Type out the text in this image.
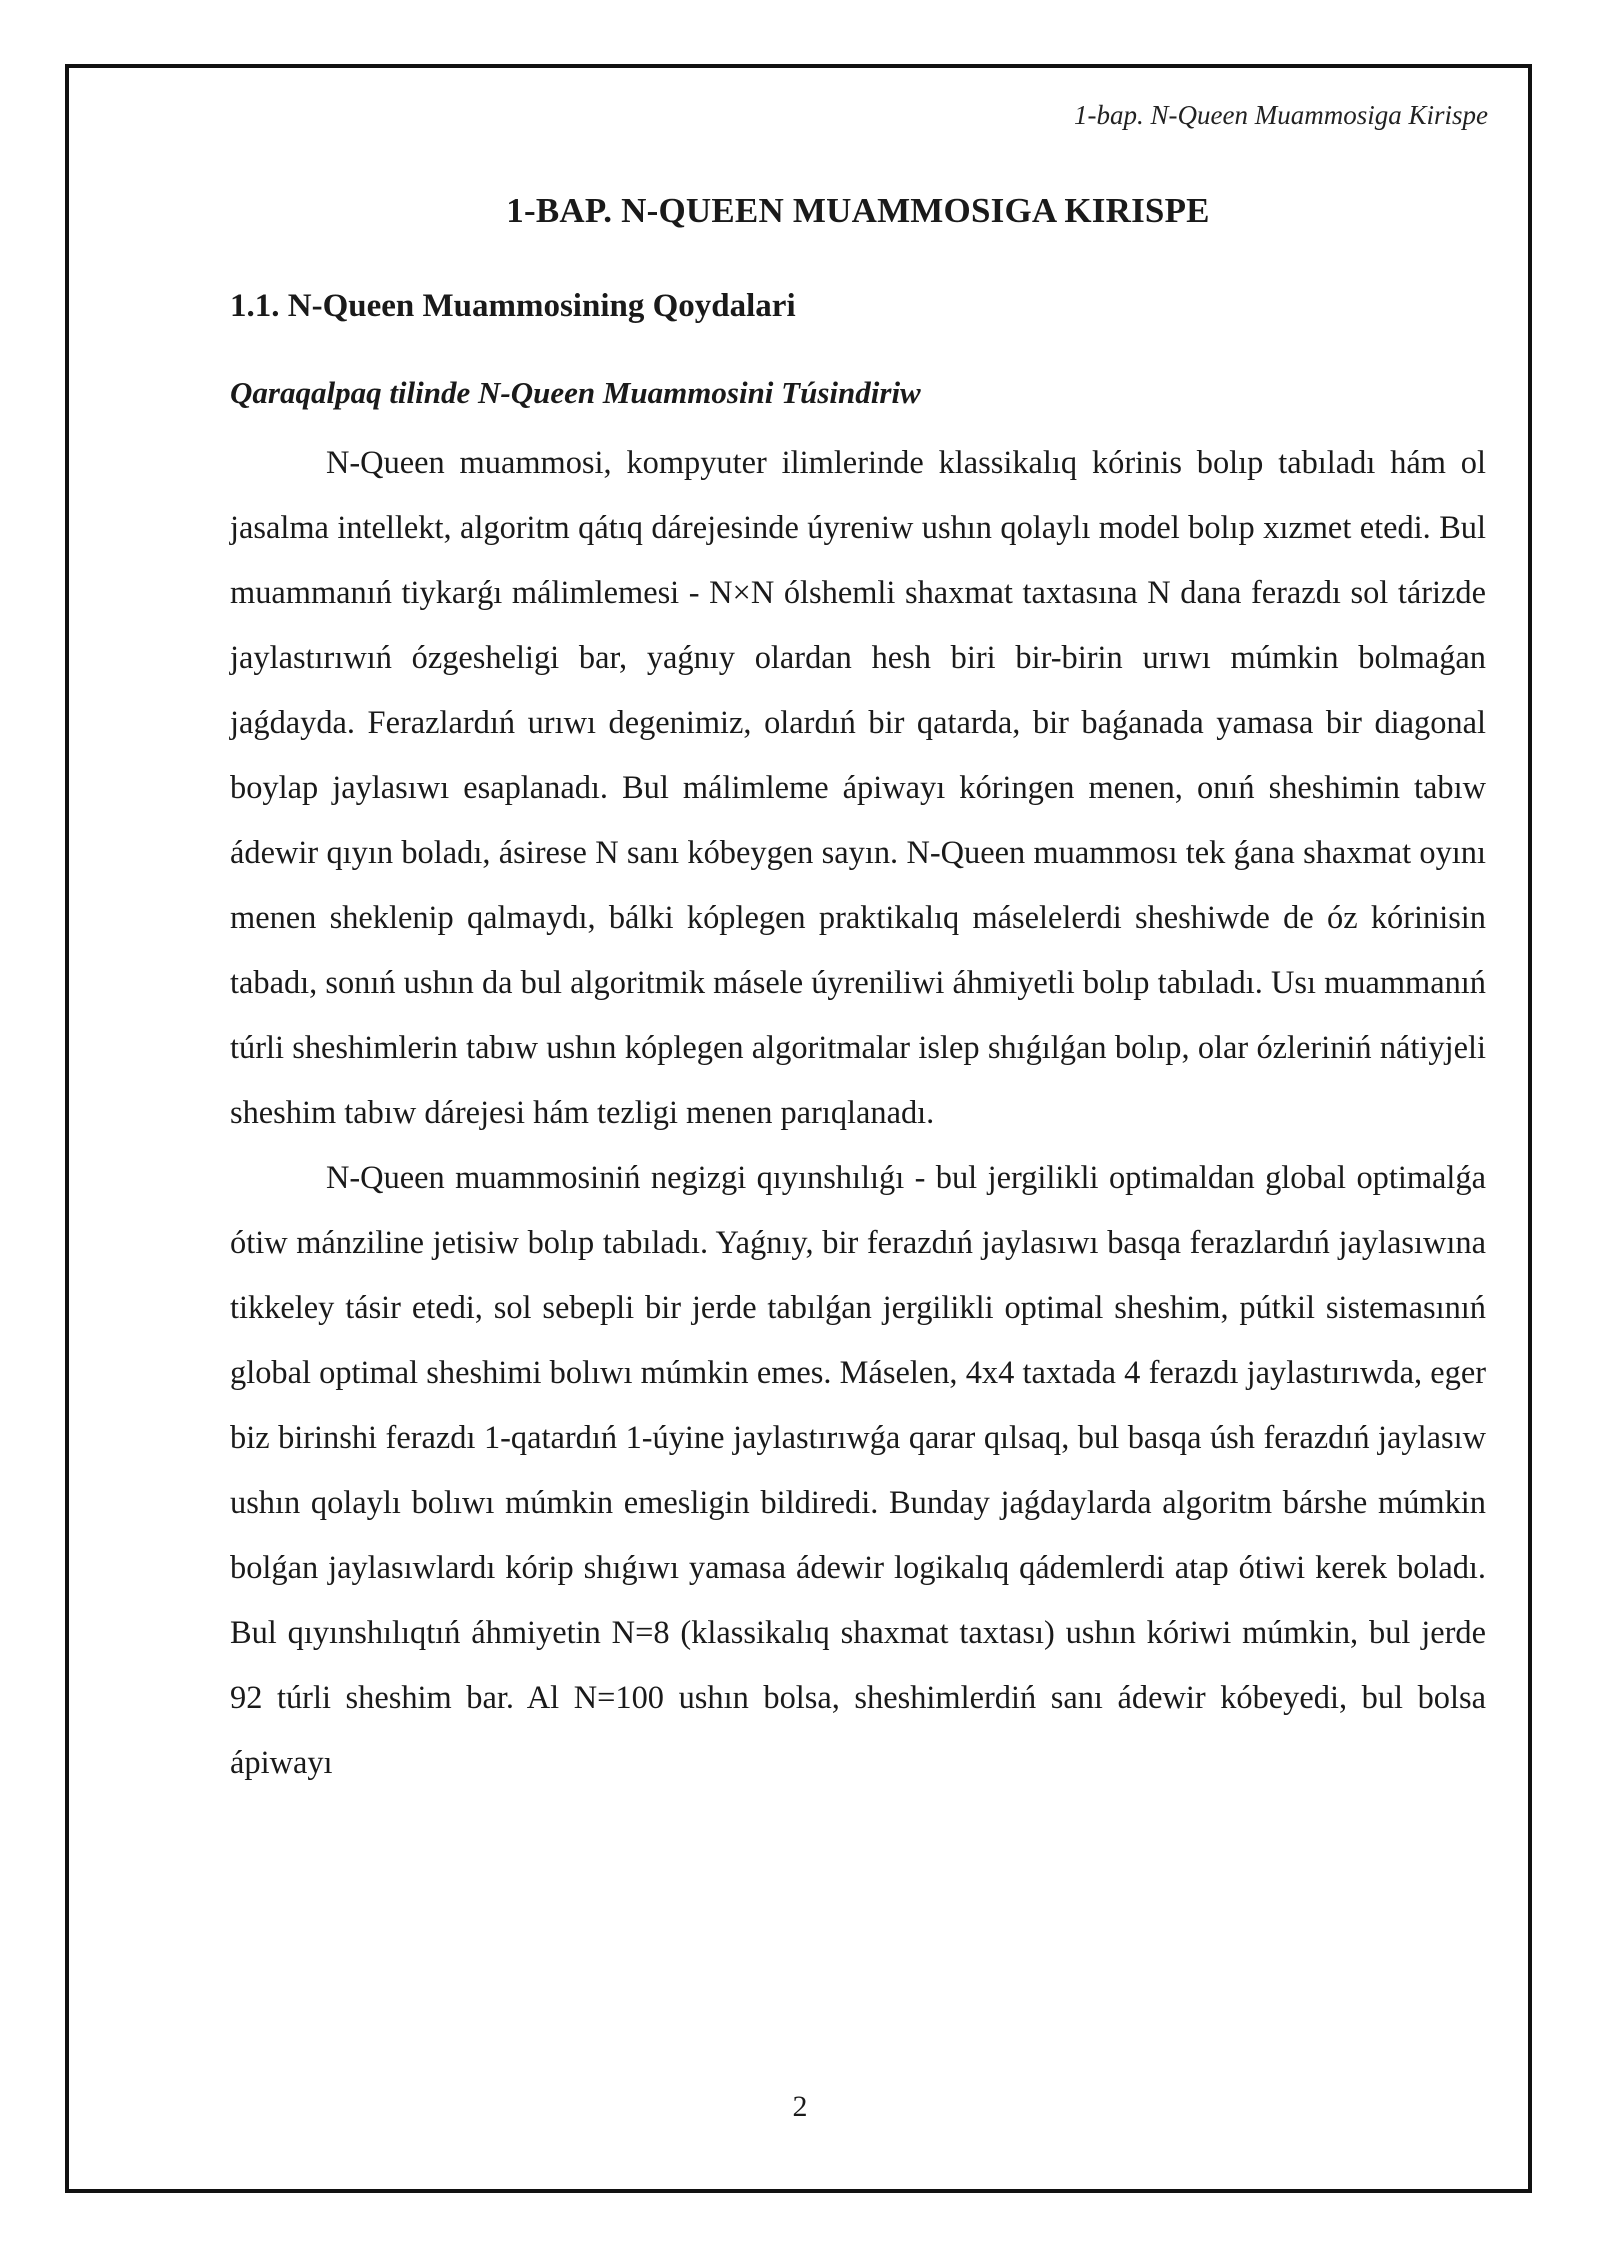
1-bap. N-Queen Muammosiga Kirispe
1-BAP. N-QUEEN MUAMMOSIGA KIRISPE
1.1. N-Queen Muammosining Qoydalari
Qaraqalpaq tilinde N-Queen Muammosini Túsindiriw

N-Queen muammosi, kompyuter ilimlerinde klassikalıq kórinis bolıp tabıladı hám ol jasalma intellekt, algoritm qátıq dárejesinde úyreniw ushın qolaylı model bolıp xızmet etedi. Bul muammanıń tiykarǵı málimlemesi - N×N ólshemli shaxmat taxtasına N dana ferazdı sol tárizde jaylastırıwıń ózgesheligi bar, yaǵnıy olardan hesh biri bir-birin urıwı múmkin bolmaǵan jaǵdayda. Ferazlardıń urıwı degenimiz, olardıń bir qatarda, bir baǵanada yamasa bir diagonal boylap jaylasıwı esaplanadı. Bul málimleme ápiwayı kóringen menen, onıń sheshimin tabıw ádewir qıyın boladı, ásirese N sanı kóbeygen sayın. N-Queen muammosı tek ǵana shaxmat oyını menen sheklenip qalmaydı, bálki kóplegen praktikalıq máselelerdi sheshiwde de óz kórinisin tabadı, sonıń ushın da bul algoritmik másele úyreniliwi áhmiyetli bolıp tabıladı. Usı muammanıń túrli sheshimlerin tabıw ushın kóplegen algoritmalar islep shıǵılǵan bolıp, olar ózleriniń nátiyjeli sheshim tabıw dárejesi hám tezligi menen parıqlanadı.

N-Queen muammosiniń negizgi qıyınshılıǵı - bul jergilikli optimaldan global optimalǵa ótiw mánziline jetisiw bolıp tabıladı. Yaǵnıy, bir ferazdıń jaylasıwı basqa ferazlardıń jaylasıwına tikkeley tásir etedi, sol sebepli bir jerde tabılǵan jergilikli optimal sheshim, pútkil sistemasınıń global optimal sheshimi bolıwı múmkin emes. Máselen, 4x4 taxtada 4 ferazdı jaylastırıwda, eger biz birinshi ferazdı 1-qatardıń 1-úyine jaylastırıwǵa qarar qılsaq, bul basqa úsh ferazdıń jaylasıw ushın qolaylı bolıwı múmkin emesligin bildiredi. Bunday jaǵdaylarda algoritm bárshe múmkin bolǵan jaylasıwlardı kórip shıǵıwı yamasa ádewir logikalıq qádemlerdi atap ótiwi kerek boladı. Bul qıyınshılıqtıń áhmiyetin N=8 (klassikalıq shaxmat taxtası) ushın kóriwi múmkin, bul jerde 92 túrli sheshim bar. Al N=100 ushın bolsa, sheshimlerdiń sanı ádewir kóbeyedi, bul bolsa ápiwayı

2
